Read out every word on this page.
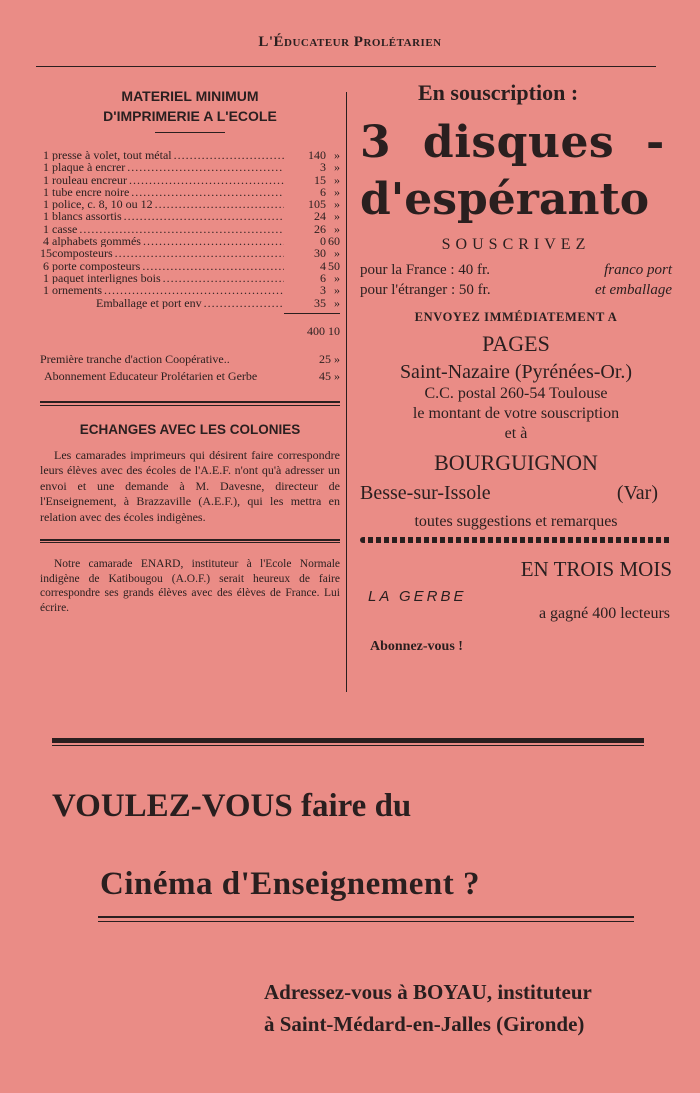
L'Éducateur Prolétarien
MATERIEL MINIMUM
D'IMPRIMERIE A L'ECOLE
1 presse à volet, tout métal .....	140 »
1 plaque à encrer .....	3 »
1 rouleau encreur .....	15 »
1 tube encre noire .....	6 »
1 police, c. 8, 10 ou 12 .....	105 »
1 blancs assortis .....	24 »
1 casse .....	26 »
4 alphabets gommés .....	0 60
15 composteurs .....	30 »
6 porte composteurs .....	4 50
1 paquet interlignes bois .....	6 »
1 ornements .....	3 »
Emballage et port env .....	35 »
400 10
Première tranche d'action Coopérative..	25 »
Abonnement Educateur Prolétarien et Gerbe	45 »
ECHANGES AVEC LES COLONIES
Les camarades imprimeurs qui désirent faire correspondre leurs élèves avec des écoles de l'A.E.F. n'ont qu'à adresser un envoi et une demande à M. Davesne, directeur de l'Enseignement, à Brazzaville (A.E.F.), qui les mettra en relation avec des écoles indigènes.
Notre camarade ENARD, instituteur à l'Ecole Normale indigène de Katibougou (A.O.F.) serait heureux de faire correspondre ses grands élèves avec des élèves de France. Lui écrire.
En souscription :
3 disques -
d'espéranto
SOUSCRIVEZ
pour la France : 40 fr.	franco port
pour l'étranger : 50 fr.	et emballage
ENVOYEZ IMMÉDIATEMENT A
PAGES
Saint-Nazaire (Pyrénées-Or.)
C.C. postal 260-54 Toulouse
le montant de votre souscription
et à
BOURGUIGNON
Besse-sur-Issole	(Var)
toutes suggestions et remarques
EN TROIS MOIS
LA GERBE
a gagné 400 lecteurs
Abonnez-vous !
VOULEZ-VOUS faire du
Cinéma d'Enseignement ?
Adressez-vous à BOYAU, instituteur
à Saint-Médard-en-Jalles (Gironde)
